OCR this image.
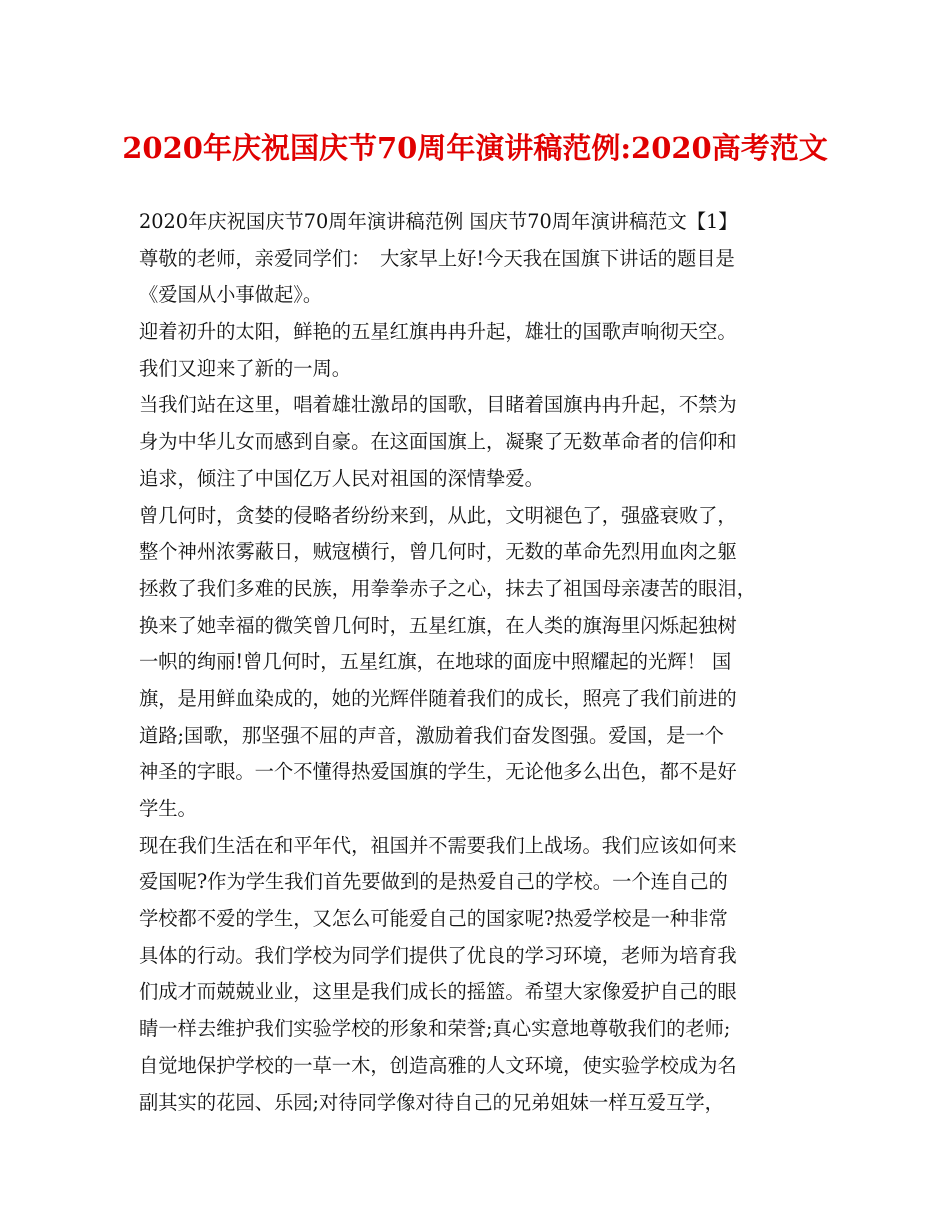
2020年庆祝国庆节70周年演讲稿范例:2020高考范文
2020年庆祝国庆节70周年演讲稿范例 国庆节70周年演讲稿范文【1】
尊敬的老师，亲爱同学们：　大家早上好!今天我在国旗下讲话的题目是
《爱国从小事做起》。
迎着初升的太阳，鲜艳的五星红旗冉冉升起，雄壮的国歌声响彻天空。
我们又迎来了新的一周。
当我们站在这里，唱着雄壮激昂的国歌，目睹着国旗冉冉升起，不禁为
身为中华儿女而感到自豪。在这面国旗上，凝聚了无数革命者的信仰和
追求，倾注了中国亿万人民对祖国的深情挚爱。
曾几何时，贪婪的侵略者纷纷来到，从此，文明褪色了，强盛衰败了，
整个神州浓雾蔽日，贼寇横行，曾几何时，无数的革命先烈用血肉之躯
拯救了我们多难的民族，用拳拳赤子之心，抹去了祖国母亲凄苦的眼泪，
换来了她幸福的微笑曾几何时，五星红旗，在人类的旗海里闪烁起独树
一帜的绚丽!曾几何时，五星红旗，在地球的面庞中照耀起的光辉！ 国
旗，是用鲜血染成的，她的光辉伴随着我们的成长，照亮了我们前进的
道路;国歌，那坚强不屈的声音，激励着我们奋发图强。爱国，是一个
神圣的字眼。一个不懂得热爱国旗的学生，无论他多么出色，都不是好
学生。
现在我们生活在和平年代，祖国并不需要我们上战场。我们应该如何来
爱国呢?作为学生我们首先要做到的是热爱自己的学校。一个连自己的
学校都不爱的学生，又怎么可能爱自己的国家呢?热爱学校是一种非常
具体的行动。我们学校为同学们提供了优良的学习环境，老师为培育我
们成才而兢兢业业，这里是我们成长的摇篮。希望大家像爱护自己的眼
睛一样去维护我们实验学校的形象和荣誉;真心实意地尊敬我们的老师;
自觉地保护学校的一草一木，创造高雅的人文环境，使实验学校成为名
副其实的花园、乐园;对待同学像对待自己的兄弟姐妹一样互爱互学，
